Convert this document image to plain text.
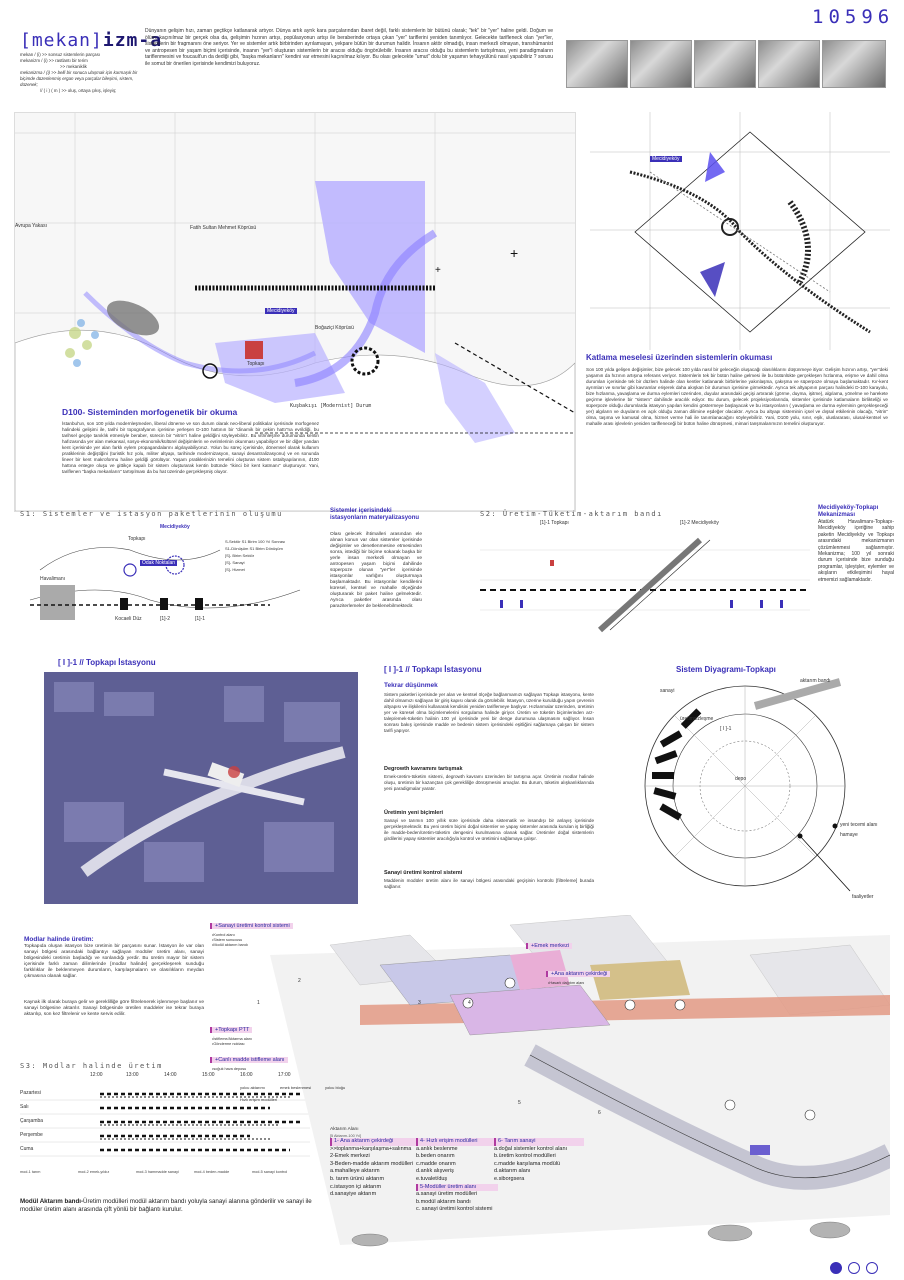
10596
[mekan]izm-a
mekan / (i) >> sonsuz sistemlerin parçası
mekanizm / (i) >> rastlantı bir terim
>> mekaniklik
mekanizma / (i) >> belli bir sonuca ulaşmak için karmaşık bir biçimde düzenlenmiş ergan veya parçalar bileşimi, sistem, düzenek;
// ( i ) ( m ) >> oluş, ortaya çıkış, işleyiş;
Dünyanın gelişim hızı, zaman geçtikçe katlanarak artıyor. Dünya artık ayrık kara parçalarından ibaret değil, farklı sistemlerin bir bütünü olarak; "tek" bir "yer" haline geldi. Doğum ve ölüm, kaçınılmaz bir gerçek olsa da, gelişimin hızının artışı, popülasyonun artışı ile beraberinde ortaya çıkan "yer" tariflerini yeniden tanımlıyor. Gelecekte tarifleneck olan "yer"ler, sistemlerin bir fragmanını öne seriyor. Yer ve sistemler artık birbirinden ayrılamayan, yekpare bütün bir durumun halidir. İnsanın aktör olmadığı, insan merkezli olmayan, transhümanist ve antropesen bir yaşam biçimi içerisinde, insanın "yer"i oluşturan sistemlerin bir aracısı olduğu öngörülebilir. İnsanın aracısı olduğu bu sistemlerin tartışılması, yeni paradigmaların tariflenmesini ve foucault'un da dediği gibi, "başka mekanların" kendini var etmesini kaçınılmaz kılıyor. Bu olası gelecekte "umut" dolu bir yaşamın tehayyülünü nasıl yapabiliriz ? sorusu ile somut bir önerilen içerisinde kendimizi buluyoruz.
+
+
Mecidiyeköy
Boğaziçi Köprüsü
Fatih Sultan Mehmet Köprüsü
Topkapı
Avrupa Yakası
Kuşbakışı [Modernist] Durum
D100- Sisteminden morfogenetik bir okuma
İstanbul'un, son 100 yılda modernleşmeden, liberal döneme ve son durum olarak neo-liberal politikalar içerisinde morfogenez halindeki gelişimi ile, tarihi bir topografyanın içerisine yerleşen D-100 hattının bir "dinamik bir çekim hattı"na evrildiği, bu tarihsel geçişe tanıklık etmesiyle beraber, sürecin bir "vitrin"i haline geldiğini söyleyebiliriz. Bu vitrinleşme durumunda kentin hafızasında yer alan mekansal, sosyo-ekonomik/kültürel değişimlerin ve evrimlerinin okunması yapabiliyor ve bir diğer yandan kent içerisinde yer alan farklı eylem propagandalarını algılayabiliyoruz. Yolun bu süreç içerisinde, dönemsel olarak kullanım pratiklerinin değiştiğini (turistik hız yolu, militer altyapı, tarihinde modernizasyon, sanayi desantralizasyonu) ve en sonunda lineer bir kent makroformu haline geldiği görülüyor. Yaşam pratiklerinizin temelini oluşturan sistem üstaltyapılarının, d100 hattına entegre oluşu ve gittikçe kapalı bir sistem oluşturarak kentin bütünde "ikinci bir kent katmanı" oluşturuyor. Yani, tariflenen "başka mekanların" tartışılması da bu hat üzerinde gerçekleşmiş oluyor.
Mecidiyeköy
Katlama meselesi üzerinden sistemlerin okuması
Son 100 yılda gelişen değişimler, bize gelecek 100 yılda nasıl bir geleceğin oluşacağı olasılıklarını düşünmeye itiyor. Gelişim hızının artışı, "yer"deki yaşamın da hızının artışına referans veriyor. Sistemlerin tek bir bütün haline gelmesi ile bu bütünlükte gerçekleşen hızlanma, erişme ve dahil olma durumları içerisinde tek bir düzlem halinde olan kentler katlanarak birbirlerine yakınlaşma, çakışma ve süperpoze olmaya başlamaktadır. Kır-kent ayrımları ve sınırlar gibi kavramlar erişerek daha akışkan bir durumun içerisine girmektedir. Ayrıca tek altyapının parçası halindeki D-100 karayolu, bize hızlanma, yavaşlama ve durma eylemleri üzerinden, duyular arasındaki geçişi artırarak (görme, duyma, işitme), algılama, yönelme ve harekete geçirme işlevlerine bir "sistem" dahilinde aracılık ediyor. Bu durum, gelecek projeksiyonlarında, sistemler içerisinde katlamaların birlikteliği ve süperpoze olduğu durumlarda istasyon yapıları kendini göstermeye başlayacak ve bu istasyonların ( yavaşlama ve durma eyleminin gerçekleşeceği yer) algıların ve duyuların en açık olduğu zaman dilimine eşdeğer olacaktır. Ayrıca bu altyapı sisteminin içsel ve dışsal etkilerinin olacağı, "vitrin" olma, taşıma ve kamusal olma, hizmet verme hali ile tanımlanacağını söyleyebiliriz. Yani, D100 yolu, sınır, eşik, uluslararası, ulusal-kentsel ve mahalle arası işlevlerin yeniden tarifleneceği bir bütün haline dönüşmesi, mimari tanşmalarımızın temelini oluşturuyor.
S1: Sistemler ve istasyon paketlerinin oluşumu
Mecidiyeköy
Topkapı
Havalimanı
Odak Noktaları
Kocaeli Düz	[1]-2	[1]-1
S-Sektör S1 Birim 100 Yıl Sonrası
S1-Dönüşüm S1 Birim Dönüşüm
[S]- Birim Sektör
[S]- Sanayi
[S]- Hizmet
Sistemler içerisindeki istasyonların materyalizasyonu
Olası gelecek ihtimalleri arasından ele alınan konun var olan sistemler içerisinde değişimler ve denetlenmesine etmesinden sonra, istediği bir biçime sokarak başka bir yerle insan merkezli olmayan ve antropesen yaşam biçimi dahilinde süperpoze olunan "yer"ler içerisinde istasyonlar varlığını oluşturmaya başlamaktadır. Bu istasyonlar kendilerini küresel, kentsel ve mahalle ölçeğinde oluşturarak bir paket haline gelmektedir. Ayrıca paketler arasında olası paraziterlemeler de beklenebilmektedir.
S2: Üretim-Tüketim-aktarım bandı
[1]-1 Topkapı	[1]-2 Mecidiyeköy
Mecidiyeköy-Topkapı Mekanizması
Atatürk Havalimanı-Topkapı-Mecidiyeköy içeriğine sahip paketin Mecidiyeköy ve Topkapı arasındaki mekanizmanın çözümlenmesi sağlanmıştır. Mekanizma; 100 yıl sonraki durum içerisinde bize sunduğu programlar, işleyişler, eylemler ve akışların etkileşimini hayal etmemizi sağlamaktadır.
[ I ]-1 // Topkapı İstasyonu
[ I ]-1 // Topkapı İstasyonu
Tekrar düşünmek
Sistem paketleri içerisinde yer alan ve kentsel ölçeğe bağlanmamızı sağlayan Topkapı istasyonu, kente dahil olmamızı sağlayan bir giriş kapısı olarak da görülebilir. İstasyon, üzerine kurulduğu yapın çevrenin altyapısı ve ilişkilerini kullanarak kendisini yeniden tariflemeye başlıyor. Hızlanmalar üzerinden, üretimin yer ve küresel olma biçimlemelerini sorgulama halinde giriyor. Üretim ve tüketim biçimlerinden arz-talep/emek-tüketim halinin 100 yıl içerisinde yeni bir denge durumuna ulaşmasını sağlıyor. İnsan sonrası bakış içerisinde madde ve bedenin sistem içerisindeki eşitliğini sağlamaya çalışan bir sistem tarifi yapıyor.
Degrowth kavramını tartışmak
Emek-üretim-tüketim sistemi, degrowth kavramı üzerinden bir tartışma açar. Üretimin modlar halinde oluşu, üretimin bir kazançtan çok gerekliliğe dönüşmesini amaçlar. Bu durum, tüketim alışkanlıklarında yeni paradigmalar yaratır.
Üretimin yeni biçimleri
Sanayi ve tarımın 100 yıllık süre içerisinde daha sistematik ve insandışı bir anlayış içerisinde gerçekleşmektedir. Bu yeni üretim biçimi doğal sistemler ve yapay sistemler arasında kurulan iş birliğiği ile madde-beden/üretim-tüketim dengesini kurulmasına olanak sağlar. Üretimler doğal sistemlerin girdilerini yapay sistemler aracılığıyla kontrol ve üretimini sağlamaya çalışır.
Sanayi üretimi kontrol sistemi
Maddenin modüler üretim alanı ile sanayi bölgesi arasındaki geçişinin kontrolü [filtreleme] burada sağlanır.
Sistem Diyagramı-Topkapı
sanayi
aktarım bandı
depo
yeni tecemi alanı
hamaye
üretimsizleşme
faaliyetler
[ I ]-1
Modlar halinde üretim:
Topkapıda oluşan istasyon bize üretimin bir parçasını sunar. İstasyon ile var olan sanayi bölgesi arasındaki bağlantıyı sağlayan modüler üretim alanı, sanayi bölgesindeki üretimin başladığı ve sonlandığı yerdir. Bu üretim mayor bir sistem içerisinde farklı zaman dilimlerinde [modlar halinde] gerçekleşerek sunduğu farklılıklar ile beklenmeyen durumların, karşılaşmaların ve olasılıkların meydan çıkmasına olanak sağlar.
Kaynak ilk olarak buraya gelir ve gereklilliğe göre filtrelenerek işlenmeye başlanır ve sanayi bölgesine aktarılır. Sanayi bölgesinde üretilen maddeler ise tekrar buraya aktarılıp, son kez filtrelenir ve kente servis edilir.
S3: Modlar halinde üretim
12:00	13:00	14:00	15:00	16:00	17:00
Pazartesi
Salı
Çarşamba
Perşembe
Cuma
mod-1 tarım	mod-2 emek-yıldız	mod-3 hammadde sanayi	mod-4 beden-madde	mod-5 sanayi kontrol
Modül Aktarım bandı-Üretim modülleri modül aktarım bandı yoluyla sanayi alanına gönderilir ve sanayi ile modüler üretim alanı arasında çift yönlü bir bağlantı kurulur.
1
2
3	4
5
6
+Sanayi üretimi kontrol sistemi
•Kontrol alanı
•Sistem sunucusu
•Modül aktarım bandı
+Topkapı PTT
•İstifleme/Aktarma alanı
•Gönderme noktası
+Canlı madde istifleme alanı
•soğuk hava deposu
+Emek merkezi
+Ana aktarım çekirdeği
•Hasarlı dağıtım alanı
Aktarım Alanı
[5 Aktarım-100 Yıl]
yolcu aktarımı	emek beslenmesi	yolcu bloğu
Hızlı erişim modülleri
1- Ana aktarım çekirdeği
>>toplanma+karşılaşma+salınma
2-Emek merkezi
3-Beden-madde aktarım modülleri
a.mahalleye aktarım
b. tarım ürünü aktarım
c.istasyon içi aktarım
d.sanayiye aktarım
4- Hızlı erişim modülleri
a.anlık beslenme
b.beden onarım
c.madde onarım
d.anlık alışveriş
e.tuvalet/duş
5-Modüller üretim alanı
a.sanayi üretim modülleri
b.modül aktarım bandı
c. sanayi üretimi kontrol sistemi
6- Tarım sanayi
a.doğal sistemler kontrol alanı
b.üretim kontrol modülleri
c.madde karşılama modülü
d.aktarım alanı
e.siborgsera
